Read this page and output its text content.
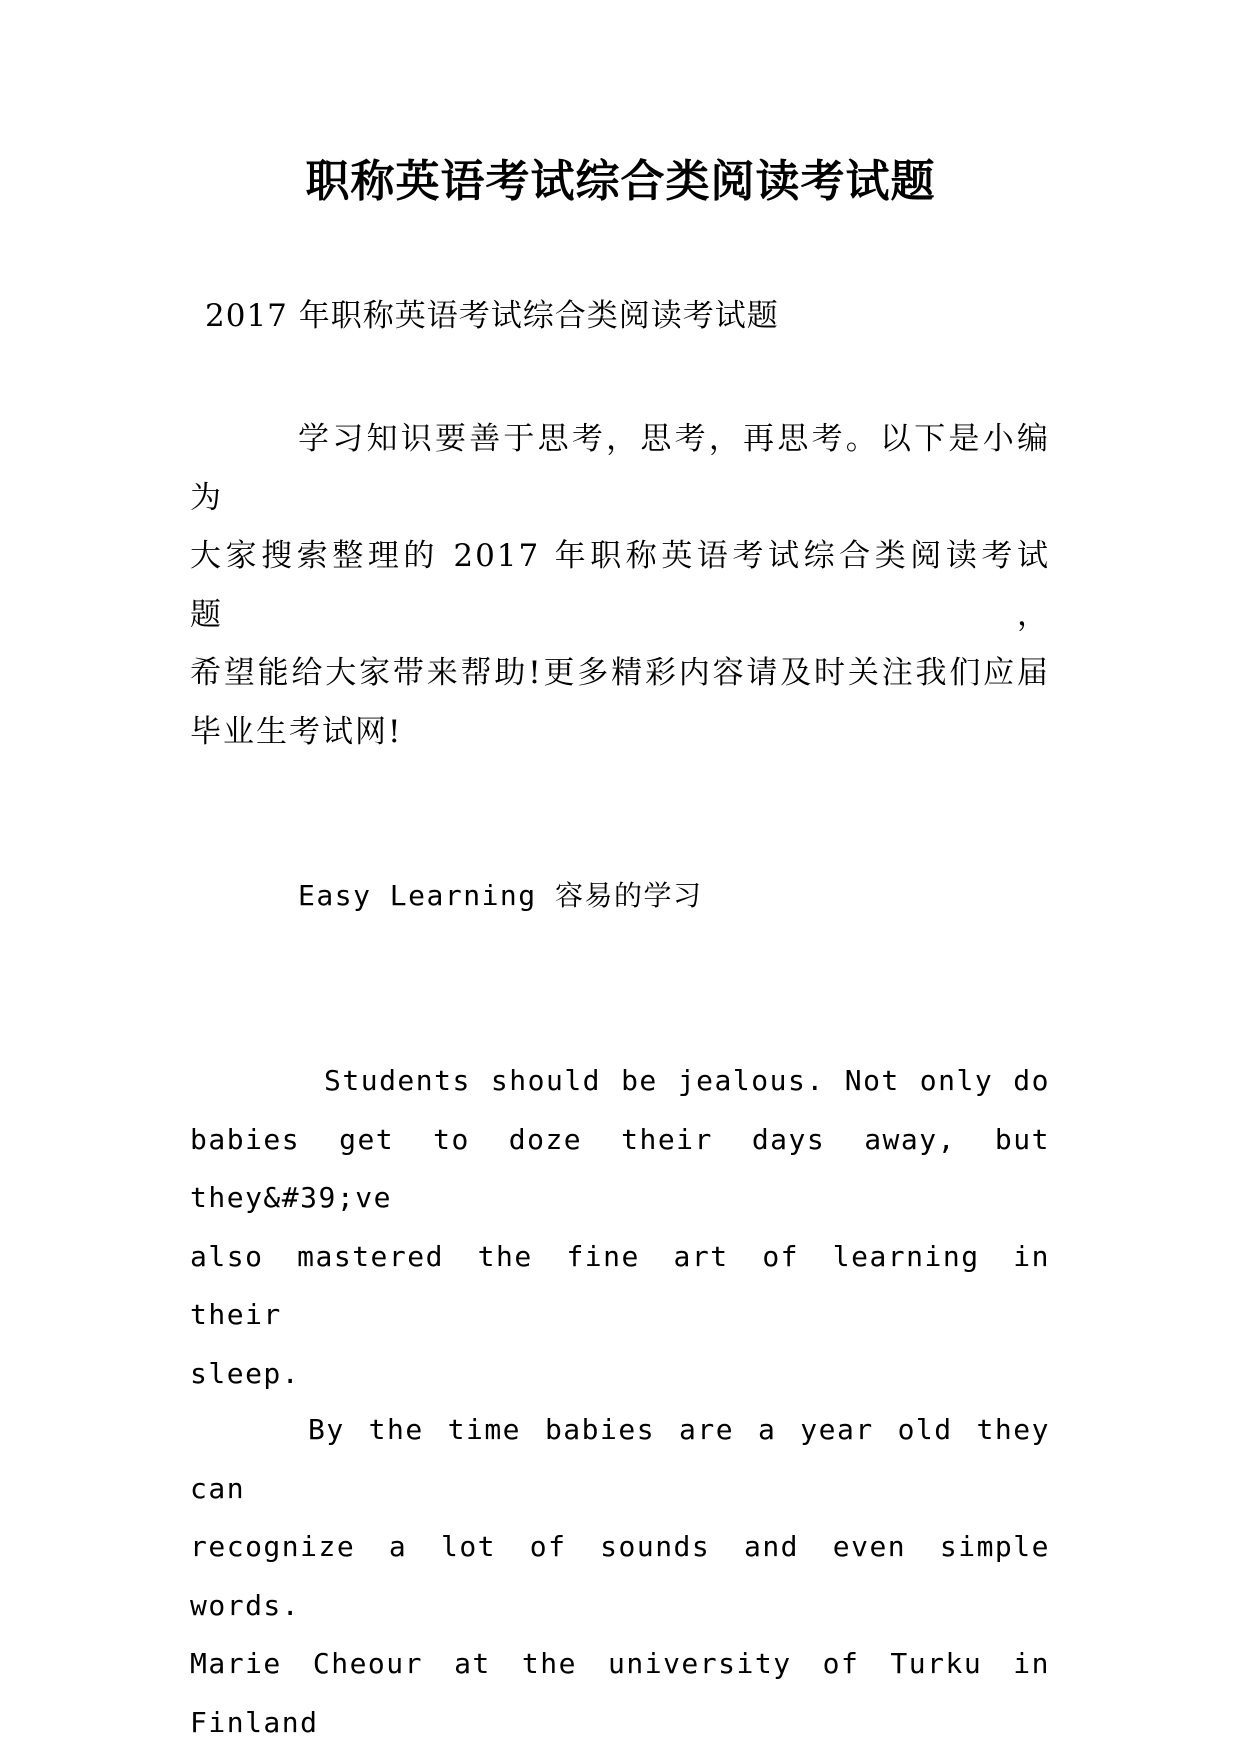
职称英语考试综合类阅读考试题
2017 年职称英语考试综合类阅读考试题
学习知识要善于思考，思考，再思考。以下是小编为
大家搜索整理的 2017 年职称英语考试综合类阅读考试题，
希望能给大家带来帮助!更多精彩内容请及时关注我们应届
毕业生考试网!
Easy Learning 容易的学习
Students should be jealous. Not only do
babies get to doze their days away, but they&#39;ve
also mastered the fine art of learning in their
sleep.
By the time babies are a year old they can
recognize a lot of sounds and even simple words.
Marie Cheour at the university of Turku in Finland
